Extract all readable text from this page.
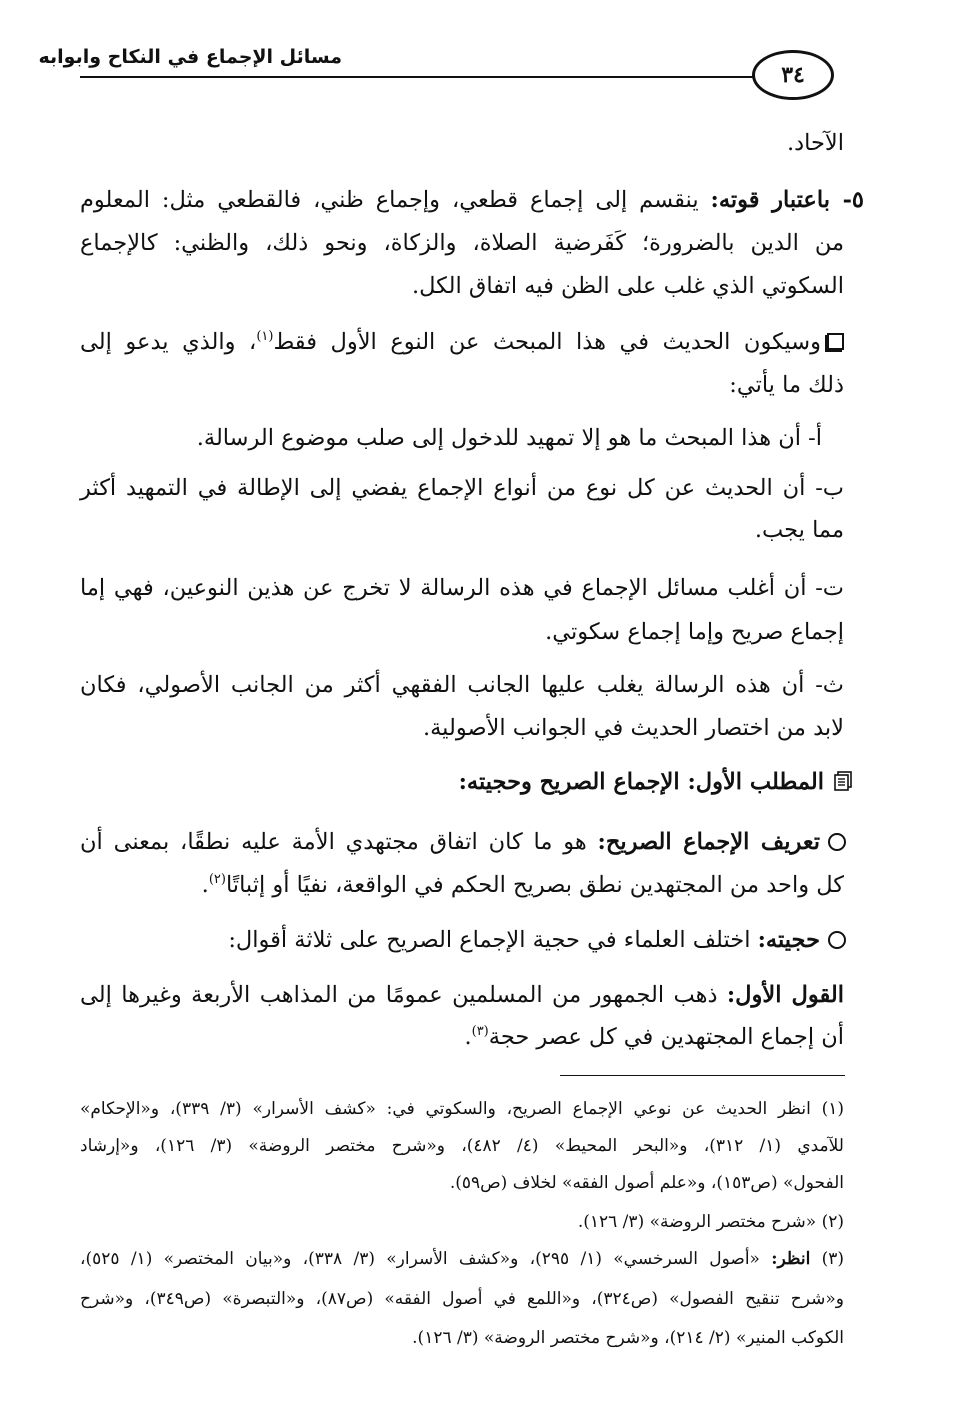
مسائل الإجماع في النكاح وابوابه
٣٤
الآحاد.
٥- باعتبار قوته: ينقسم إلى إجماع قطعي، وإجماع ظني، فالقطعي مثل: المعلوم
من الدين بالضرورة؛ كَفَرضية الصلاة، والزكاة، ونحو ذلك، والظني: كالإجماع
السكوتي الذي غلب على الظن فيه اتفاق الكل.
وسيكون الحديث في هذا المبحث عن النوع الأول فقط$^{(١)}$، والذي يدعو إلى
ذلك ما يأتي:
أ- أن هذا المبحث ما هو إلا تمهيد للدخول إلى صلب موضوع الرسالة.
ب- أن الحديث عن كل نوع من أنواع الإجماع يفضي إلى الإطالة في التمهيد أكثر
مما يجب.
ت- أن أغلب مسائل الإجماع في هذه الرسالة لا تخرج عن هذين النوعين، فهي إما
إجماع صريح وإما إجماع سكوتي.
ث- أن هذه الرسالة يغلب عليها الجانب الفقهي أكثر من الجانب الأصولي، فكان
لابد من اختصار الحديث في الجوانب الأصولية.
المطلب الأول: الإجماع الصريح وحجيته:
تعريف الإجماع الصريح: هو ما كان اتفاق مجتهدي الأمة عليه نطقًا، بمعنى أن
كل واحد من المجتهدين نطق بصريح الحكم في الواقعة، نفيًا أو إثباتًا$^{(٢)}$.
حجيته: اختلف العلماء في حجية الإجماع الصريح على ثلاثة أقوال:
القول الأول: ذهب الجمهور من المسلمين عمومًا من المذاهب الأربعة وغيرها إلى
أن إجماع المجتهدين في كل عصر حجة$^{(٣)}$.
(١) انظر الحديث عن نوعي الإجماع الصريح، والسكوتي في: «كشف الأسرار» (٣/ ٣٣٩)، و«الإحكام»
للآمدي (١/ ٣١٢)، و«البحر المحيط» (٤/ ٤٨٢)، و«شرح مختصر الروضة» (٣/ ١٢٦)، و«إرشاد
الفحول» (ص١٥٣)، و«علم أصول الفقه» لخلاف (ص٥٩).
(٢) «شرح مختصر الروضة» (٣/ ١٢٦).
(٣) انظر: «أصول السرخسي» (١/ ٢٩٥)، و«كشف الأسرار» (٣/ ٣٣٨)، و«بيان المختصر» (١/ ٥٢٥)،
و«شرح تنقيح الفصول» (ص٣٢٤)، و«اللمع في أصول الفقه» (ص٨٧)، و«التبصرة» (ص٣٤٩)، و«شرح
الكوكب المنير» (٢/ ٢١٤)، و«شرح مختصر الروضة» (٣/ ١٢٦).
